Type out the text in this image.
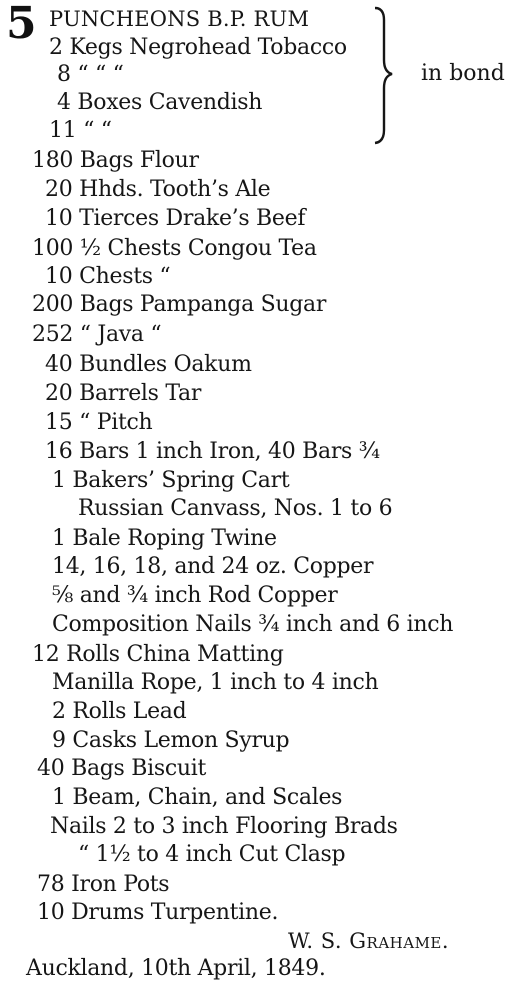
5 PUNCHEONS B.P. RUM
in bond
2 Kegs Negrohead Tobacco
8 “ “ “
4 Boxes Cavendish
11 “ “
180 Bags Flour
20 Hhds. Tooth’s Ale
10 Tierces Drake’s Beef
100 ½ Chests Congou Tea
10 Chests “
200 Bags Pampanga Sugar
252 “ Java “
40 Bundles Oakum
20 Barrels Tar
15 “ Pitch
16 Bars 1 inch Iron, 40 Bars ¾
1 Bakers’ Spring Cart
Russian Canvass, Nos. 1 to 6
1 Bale Roping Twine
14, 16, 18, and 24 oz. Copper
⅝ and ¾ inch Rod Copper
Composition Nails ¾ inch and 6 inch
12 Rolls China Matting
Manilla Rope, 1 inch to 4 inch
2 Rolls Lead
9 Casks Lemon Syrup
40 Bags Biscuit
1 Beam, Chain, and Scales
Nails 2 to 3 inch Flooring Brads
“ 1½ to 4 inch Cut Clasp
78 Iron Pots
10 Drums Turpentine.
W. S. Grahame.
Auckland, 10th April, 1849.
